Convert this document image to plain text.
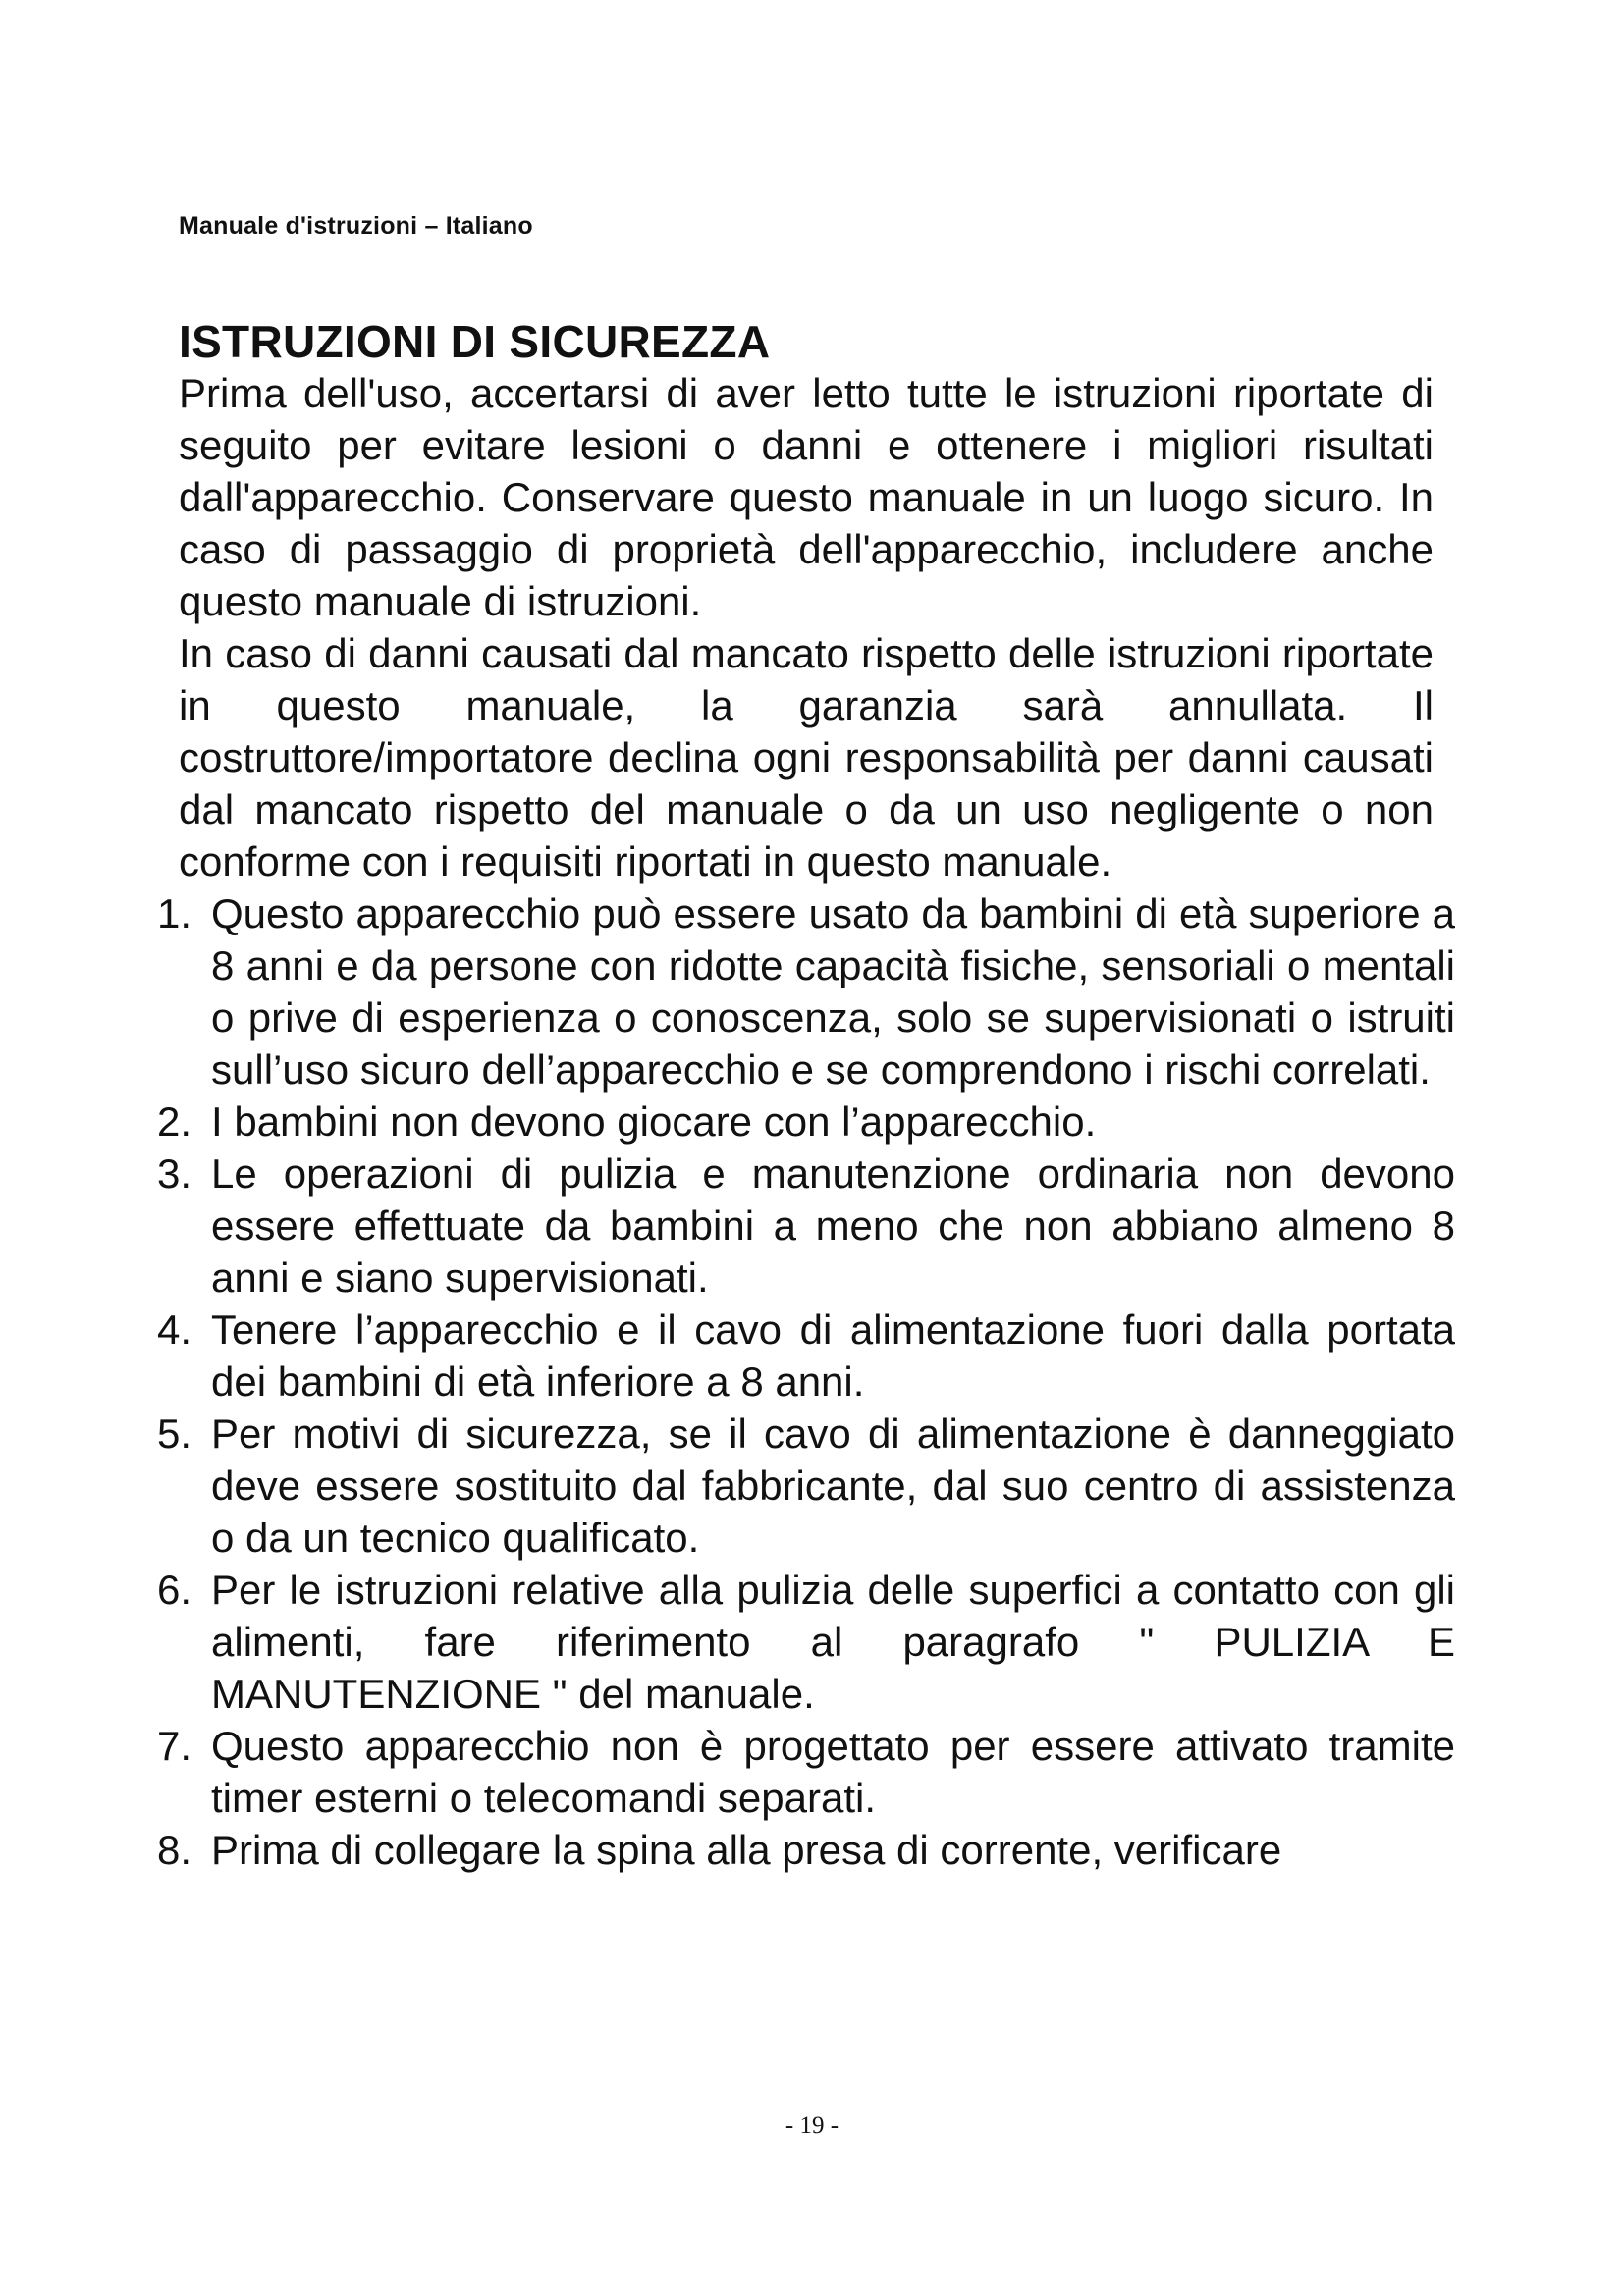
Manuale d'istruzioni – Italiano
ISTRUZIONI DI SICUREZZA

Prima dell'uso, accertarsi di aver letto tutte le istruzioni riportate di seguito per evitare lesioni o danni e ottenere i migliori risultati dall'apparecchio. Conservare questo manuale in un luogo sicuro. In caso di passaggio di proprietà dell'apparecchio, includere anche questo manuale di istruzioni.

In caso di danni causati dal mancato rispetto delle istruzioni riportate in questo manuale, la garanzia sarà annullata. Il costruttore/importatore declina ogni responsabilità per danni causati dal mancato rispetto del manuale o da un uso negligente o non conforme con i requisiti riportati in questo manuale.

1. Questo apparecchio può essere usato da bambini di età superiore a 8 anni e da persone con ridotte capacità fisiche, sensoriali o mentali o prive di esperienza o conoscenza, solo se supervisionati o istruiti sull’uso sicuro dell’apparecchio e se comprendono i rischi correlati.
2. I bambini non devono giocare con l’apparecchio.
3. Le operazioni di pulizia e manutenzione ordinaria non devono essere effettuate da bambini a meno che non abbiano almeno 8 anni e siano supervisionati.
4. Tenere l’apparecchio e il cavo di alimentazione fuori dalla portata dei bambini di età inferiore a 8 anni.
5. Per motivi di sicurezza, se il cavo di alimentazione è danneggiato deve essere sostituito dal fabbricante, dal suo centro di assistenza o da un tecnico qualificato.
6. Per le istruzioni relative alla pulizia delle superfici a contatto con gli alimenti, fare riferimento al paragrafo " PULIZIA E MANUTENZIONE " del manuale.
7. Questo apparecchio non è progettato per essere attivato tramite timer esterni o telecomandi separati.
8. Prima di collegare la spina alla presa di corrente, verificare
- 19 -
